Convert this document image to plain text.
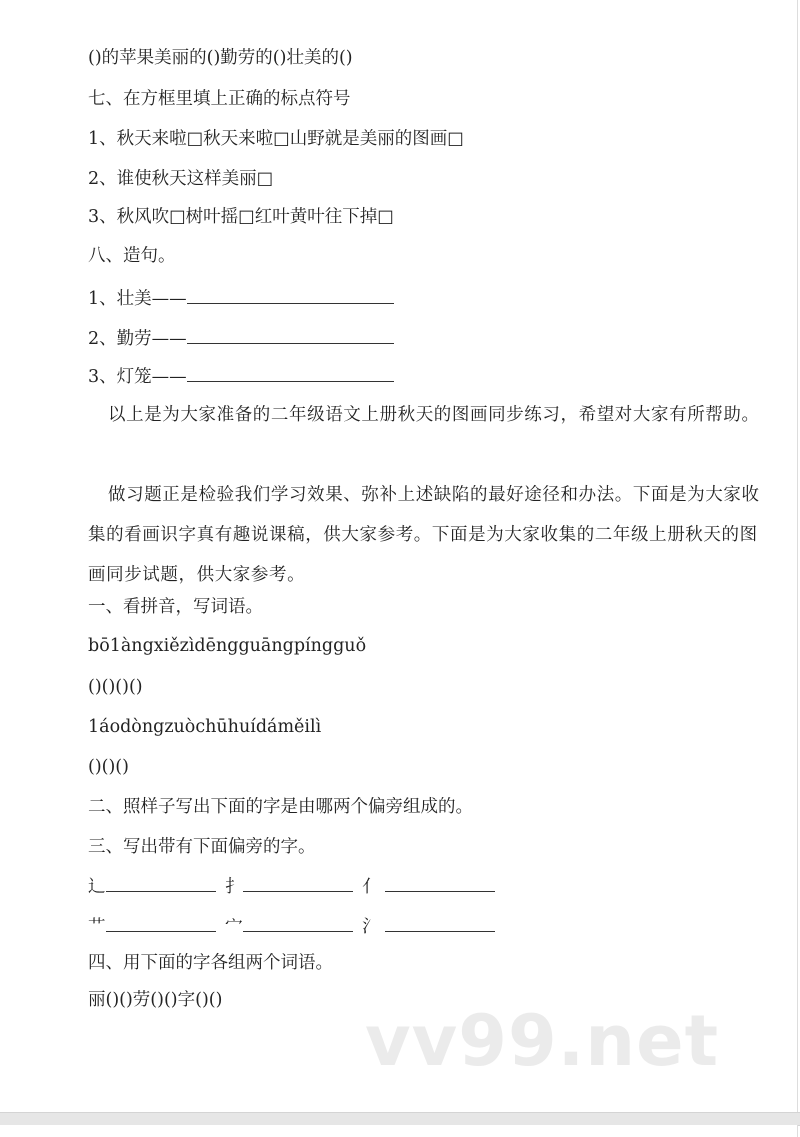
()的苹果美丽的()勤劳的()壮美的()
七、在方框里填上正确的标点符号
1、秋天来啦□秋天来啦□山野就是美丽的图画□
2、谁使秋天这样美丽□
3、秋风吹□树叶摇□红叶黄叶往下掉□
八、造句。
1、壮美——
2、勤劳——
3、灯笼——
以上是为大家准备的二年级语文上册秋天的图画同步练习，希望对大家有所帮助。
做习题正是检验我们学习效果、弥补上述缺陷的最好途径和办法。下面是为大家收集的看画识字真有趣说课稿，供大家参考。下面是为大家收集的二年级上册秋天的图画同步试题，供大家参考。
一、看拼音，写词语。
bō1àngxiězìdēngguāngpíngguǒ
()()()()
1áodòngzuòchūhuídáměilì
()()()
二、照样子写出下面的字是由哪两个偏旁组成的。
三、写出带有下面偏旁的字。
辶	扌	亻
艹	宀	氵
四、用下面的字各组两个词语。
丽()()劳()()字()() vv99.net
